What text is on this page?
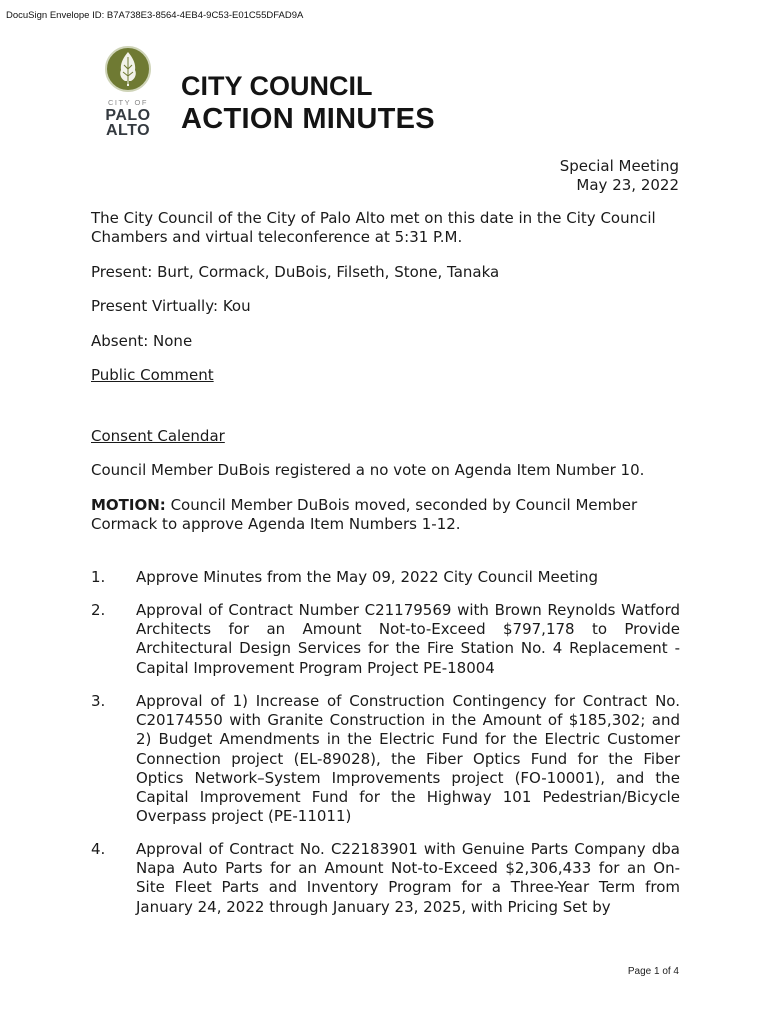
DocuSign Envelope ID: B7A738E3-8564-4EB4-9C53-E01C55DFAD9A
CITY OF
PALO
ALTO
CITY COUNCIL
ACTION MINUTES
Special Meeting
May 23, 2022
The City Council of the City of Palo Alto met on this date in the City Council Chambers and virtual teleconference at 5:31 P.M.
Present: Burt, Cormack, DuBois, Filseth, Stone, Tanaka
Present Virtually: Kou
Absent: None
Public Comment
Consent Calendar
Council Member DuBois registered a no vote on Agenda Item Number 10.
MOTION: Council Member DuBois moved, seconded by Council Member Cormack to approve Agenda Item Numbers 1-12.
1. Approve Minutes from the May 09, 2022 City Council Meeting
2. Approval of Contract Number C21179569 with Brown Reynolds Watford Architects for an Amount Not-to-Exceed $797,178 to Provide Architectural Design Services for the Fire Station No. 4 Replacement - Capital Improvement Program Project PE-18004
3. Approval of 1) Increase of Construction Contingency for Contract No. C20174550 with Granite Construction in the Amount of $185,302; and 2) Budget Amendments in the Electric Fund for the Electric Customer Connection project (EL-89028), the Fiber Optics Fund for the Fiber Optics Network–System Improvements project (FO-10001), and the Capital Improvement Fund for the Highway 101 Pedestrian/Bicycle Overpass project (PE-11011)
4. Approval of Contract No. C22183901 with Genuine Parts Company dba Napa Auto Parts for an Amount Not-to-Exceed $2,306,433 for an On-Site Fleet Parts and Inventory Program for a Three-Year Term from January 24, 2022 through January 23, 2025, with Pricing Set by
Page 1 of 4
